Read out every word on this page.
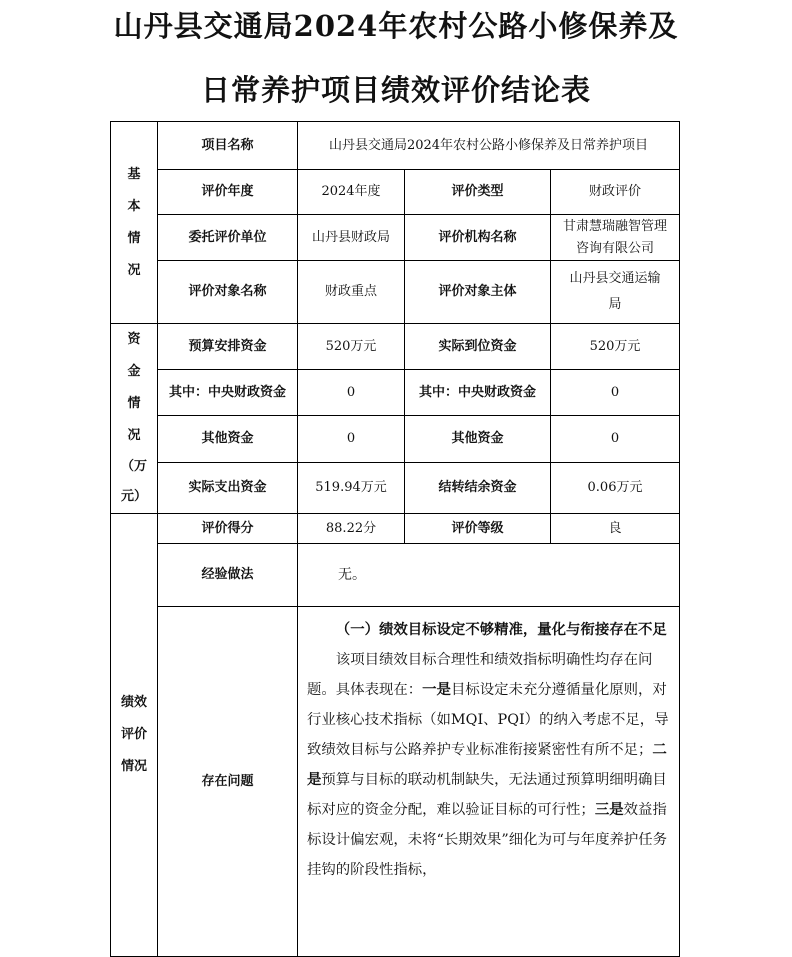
山丹县交通局2024年农村公路小修保养及
日常养护项目绩效评价结论表
基本情况	项目名称	山丹县交通局2024年农村公路小修保养及日常养护项目		
	评价年度	2024年度	评价类型	财政评价
	委托评价单位	山丹县财政局	评价机构名称	甘肃慧瑞融智管理咨询有限公司
	评价对象名称	财政重点	评价对象主体	山丹县交通运输局
资金情况 （万元）	预算安排资金	520万元	实际到位资金	520万元
	其中：中央财政资金	0	其中：中央财政资金	0
	其他资金	0	其他资金	0
	实际支出资金	519.94万元	结转结余资金	0.06万元
绩效评价情况	评价得分	88.22分	评价等级	良
	经验做法	无。		
	存在问题	（一）绩效目标设定不够精准，量化与衔接存在不足
该项目绩效目标合理性和绩效指标明确性均存在问题。具体表现在：一是目标设定未充分遵循量化原则，对行业核心技术指标（如MQI、PQI）的纳入考虑不足，导致绩效目标与公路养护专业标准衔接紧密性有所不足；二是预算与目标的联动机制缺失，无法通过预算明细明确目标对应的资金分配，难以验证目标的可行性；三是效益指标设计偏宏观，未将“长期效果”细化为可与年度养护任务挂钩的阶段性指标，		
